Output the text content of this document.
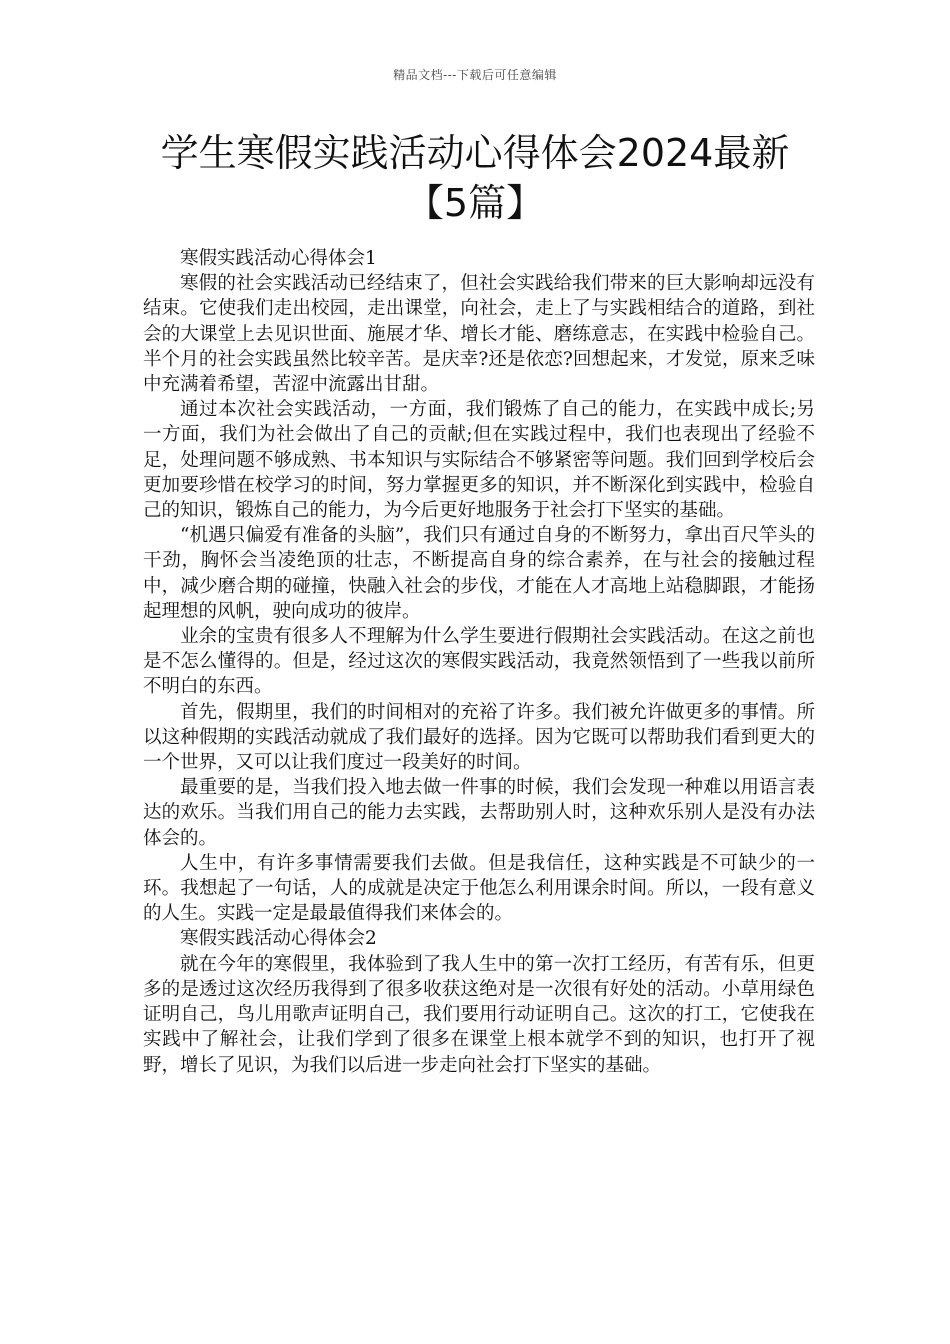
精品文档---下载后可任意编辑
学生寒假实践活动心得体会2024最新
【5篇】

寒假实践活动心得体会1

寒假的社会实践活动已经结束了，但社会实践给我们带来的巨大影响却远没有结束。它使我们走出校园，走出课堂，向社会，走上了与实践相结合的道路，到社会的大课堂上去见识世面、施展才华、增长才能、磨练意志，在实践中检验自己。半个月的社会实践虽然比较辛苦。是庆幸?还是依恋?回想起来，才发觉，原来乏味中充满着希望，苦涩中流露出甘甜。

通过本次社会实践活动，一方面，我们锻炼了自己的能力，在实践中成长;另一方面，我们为社会做出了自己的贡献;但在实践过程中，我们也表现出了经验不足，处理问题不够成熟、书本知识与实际结合不够紧密等问题。我们回到学校后会更加要珍惜在校学习的时间，努力掌握更多的知识，并不断深化到实践中，检验自己的知识，锻炼自己的能力，为今后更好地服务于社会打下坚实的基础。

“机遇只偏爱有准备的头脑”，我们只有通过自身的不断努力，拿出百尺竿头的干劲，胸怀会当凌绝顶的壮志，不断提高自身的综合素养，在与社会的接触过程中，减少磨合期的碰撞，快融入社会的步伐，才能在人才高地上站稳脚跟，才能扬起理想的风帆，驶向成功的彼岸。

业余的宝贵有很多人不理解为什么学生要进行假期社会实践活动。在这之前也是不怎么懂得的。但是，经过这次的寒假实践活动，我竟然领悟到了一些我以前所不明白的东西。

首先，假期里，我们的时间相对的充裕了许多。我们被允许做更多的事情。所以这种假期的实践活动就成了我们最好的选择。因为它既可以帮助我们看到更大的一个世界，又可以让我们度过一段美好的时间。

最重要的是，当我们投入地去做一件事的时候，我们会发现一种难以用语言表达的欢乐。当我们用自己的能力去实践，去帮助别人时，这种欢乐别人是没有办法体会的。

人生中，有许多事情需要我们去做。但是我信任，这种实践是不可缺少的一环。我想起了一句话，人的成就是决定于他怎么利用课余时间。所以，一段有意义的人生。实践一定是最最值得我们来体会的。

寒假实践活动心得体会2

就在今年的寒假里，我体验到了我人生中的第一次打工经历，有苦有乐，但更多的是透过这次经历我得到了很多收获这绝对是一次很有好处的活动。小草用绿色证明自己，鸟儿用歌声证明自己，我们要用行动证明自己。这次的打工，它使我在实践中了解社会，让我们学到了很多在课堂上根本就学不到的知识，也打开了视野，增长了见识，为我们以后进一步走向社会打下坚实的基础。
